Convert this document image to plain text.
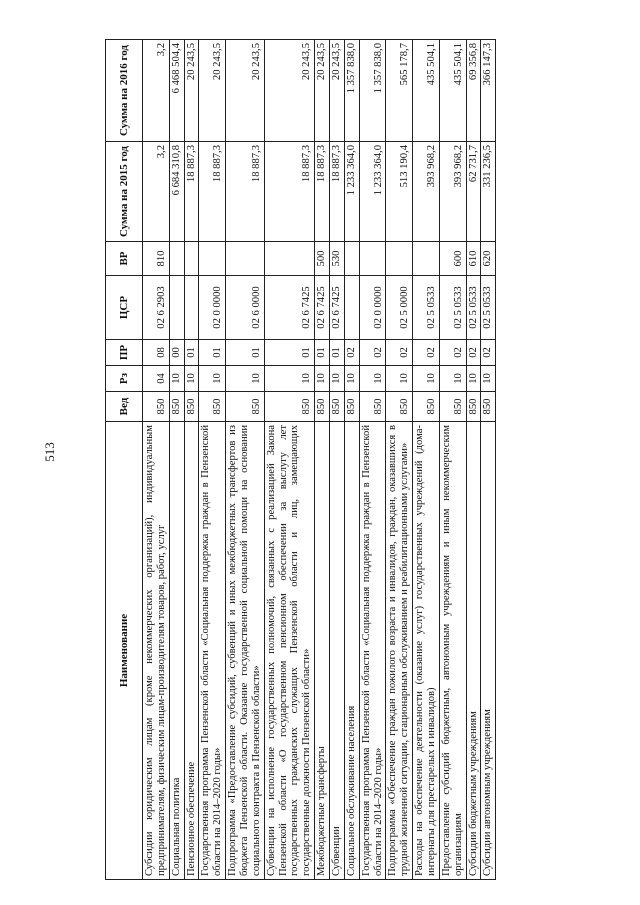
513
Наименование	Вед	Рз	ПР	ЦСР	ВР	Сумма на 2015 год	Сумма на 2016 год
Субсидии юридическим лицам (кроме некоммерческих организаций), индивидуальным предпринимателям, физическим лицам-производителям товаров, работ, услуг	850	04	08	02 6 2903	810	3,2	3,2
Социальная политика	850	10	00			6 684 310,8	6 468 504,4
Пенсионное обеспечение	850	10	01			18 887,3	20 243,5
Государственная программа Пензенской области «Социальная поддержка граждан в Пензенской области на 2014–2020 годы»	850	10	01	02 0 0000		18 887,3	20 243,5
Подпрограмма «Предоставление субсидий, субвенций и иных межбюджетных трансфертов из бюджета Пензенской области. Оказание государственной социальной помощи на основании социального контракта в Пензенской области»	850	10	01	02 6 0000		18 887,3	20 243,5
Субвенции на исполнение государственных полномочий, связанных с реализацией Закона Пензенской области «О государственном пенсионном обеспечении за выслугу лет государственных гражданских служащих Пензенской области и лиц, замещающих государственные должности Пензенской области»	850	10	01	02 6 7425		18 887,3	20 243,5
Межбюджетные трансферты	850	10	01	02 6 7425	500	18 887,3	20 243,5
Субвенции	850	10	01	02 6 7425	530	18 887,3	20 243,5
Социальное обслуживание населения	850	10	02			1 233 364,0	1 357 838,0
Государственная программа Пензенской области «Социальная поддержка граждан в Пензенской области на 2014–2020 годы»	850	10	02	02 0 0000		1 233 364,0	1 357 838,0
Подпрограмма «Обеспечение граждан пожилого возраста и инвалидов, граждан, оказавшихся в трудной жизненной ситуации, стационарным обслуживанием и реабилитационными услугами»	850	10	02	02 5 0000		513 190,4	565 178,7
Расходы на обеспечение деятельности (оказание услуг) государственных учреждений (дома-интернаты для престарелых и инвалидов)	850	10	02	02 5 0533		393 968,2	435 504,1
Предоставление субсидий бюджетным, автономным учреждениям и иным некоммерческим организациям	850	10	02	02 5 0533	600	393 968,2	435 504,1
Субсидии бюджетным учреждениям	850	10	02	02 5 0533	610	62 731,7	69 356,8
Субсидии автономным учреждениям	850	10	02	02 5 0533	620	331 236,5	366 147,3
